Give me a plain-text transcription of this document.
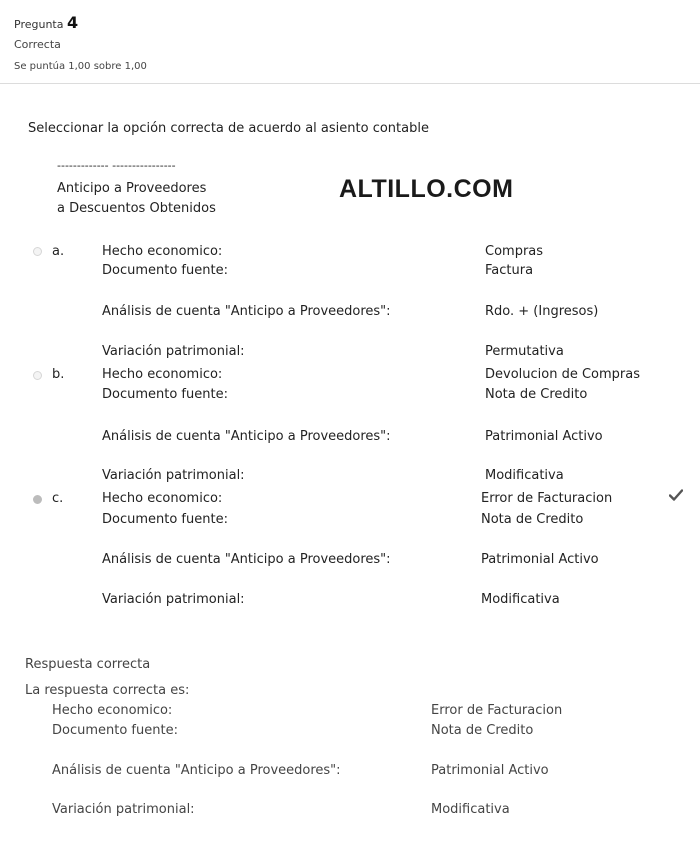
Pregunta 4
Correcta
Se puntúa 1,00 sobre 1,00
Seleccionar la opción correcta de acuerdo al asiento contable
------------- ----------------
Anticipo a Proveedores
a Descuentos Obtenidos
ALTILLO.COM
a.	Hecho economico:	Compras
Documento fuente:	Factura
Análisis de cuenta "Anticipo a Proveedores":	Rdo. + (Ingresos)
Variación patrimonial:	Permutativa
b.	Hecho economico:	Devolucion de Compras
Documento fuente:	Nota de Credito
Análisis de cuenta "Anticipo a Proveedores":	Patrimonial Activo
Variación patrimonial:	Modificativa
c.	Hecho economico:	Error de Facturacion
Documento fuente:	Nota de Credito
Análisis de cuenta "Anticipo a Proveedores":	Patrimonial Activo
Variación patrimonial:	Modificativa
Respuesta correcta
La respuesta correcta es:
Hecho economico:	Error de Facturacion
Documento fuente:	Nota de Credito
Análisis de cuenta "Anticipo a Proveedores":	Patrimonial Activo
Variación patrimonial:	Modificativa
